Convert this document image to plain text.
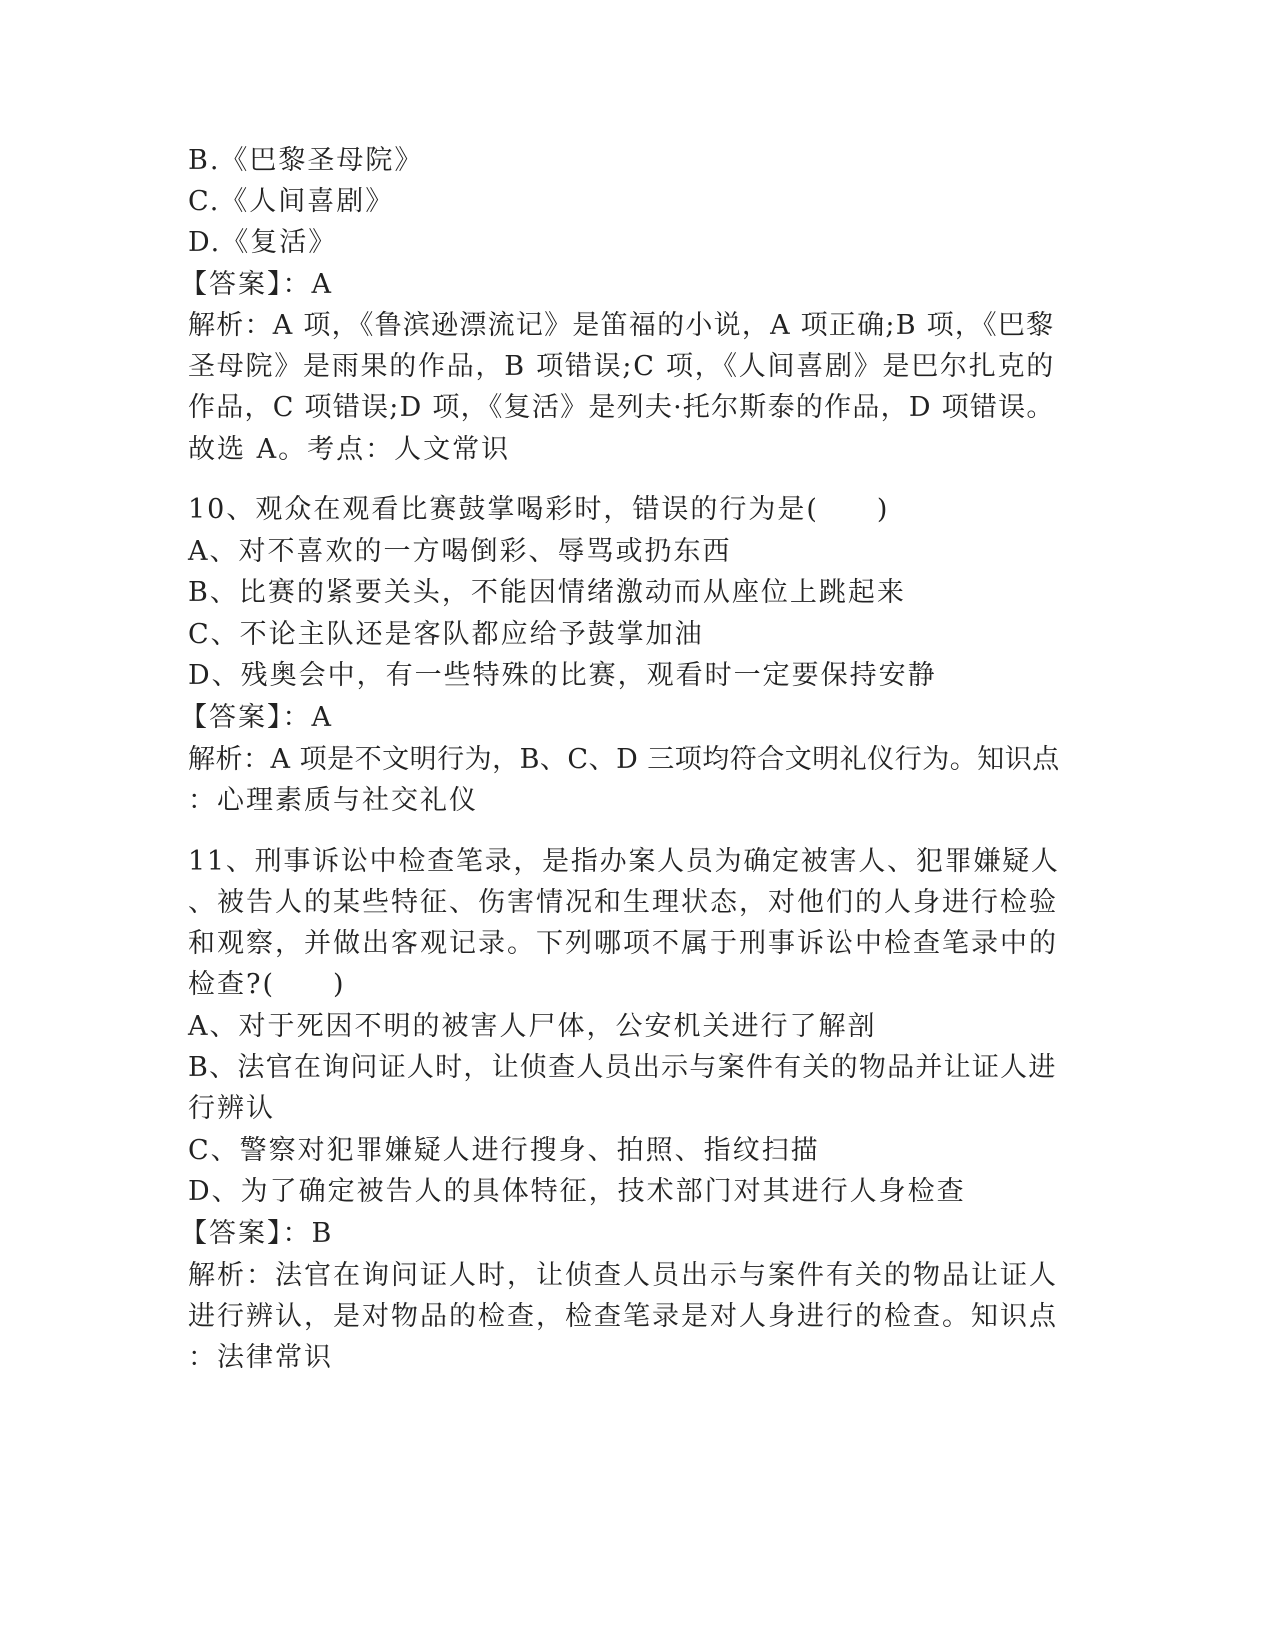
B.《巴黎圣母院》
C.《人间喜剧》
D.《复活》
【答案】：A
解析：A 项，《鲁滨逊漂流记》是笛福的小说，A 项正确;B 项，《巴黎
圣母院》是雨果的作品，B 项错误;C 项，《人间喜剧》是巴尔扎克的
作品，C 项错误;D 项，《复活》是列夫·托尔斯泰的作品，D 项错误。
故选 A。考点：人文常识
10、观众在观看比赛鼓掌喝彩时，错误的行为是(　　)
A、对不喜欢的一方喝倒彩、辱骂或扔东西
B、比赛的紧要关头，不能因情绪激动而从座位上跳起来
C、不论主队还是客队都应给予鼓掌加油
D、残奥会中，有一些特殊的比赛，观看时一定要保持安静
【答案】：A
解析：A 项是不文明行为，B、C、D 三项均符合文明礼仪行为。知识点
：心理素质与社交礼仪
11、刑事诉讼中检查笔录，是指办案人员为确定被害人、犯罪嫌疑人
、被告人的某些特征、伤害情况和生理状态，对他们的人身进行检验
和观察，并做出客观记录。下列哪项不属于刑事诉讼中检查笔录中的
检查?(　　)
A、对于死因不明的被害人尸体，公安机关进行了解剖
B、法官在询问证人时，让侦查人员出示与案件有关的物品并让证人进
行辨认
C、警察对犯罪嫌疑人进行搜身、拍照、指纹扫描
D、为了确定被告人的具体特征，技术部门对其进行人身检查
【答案】：B
解析：法官在询问证人时，让侦查人员出示与案件有关的物品让证人
进行辨认，是对物品的检查，检查笔录是对人身进行的检查。知识点
：法律常识
